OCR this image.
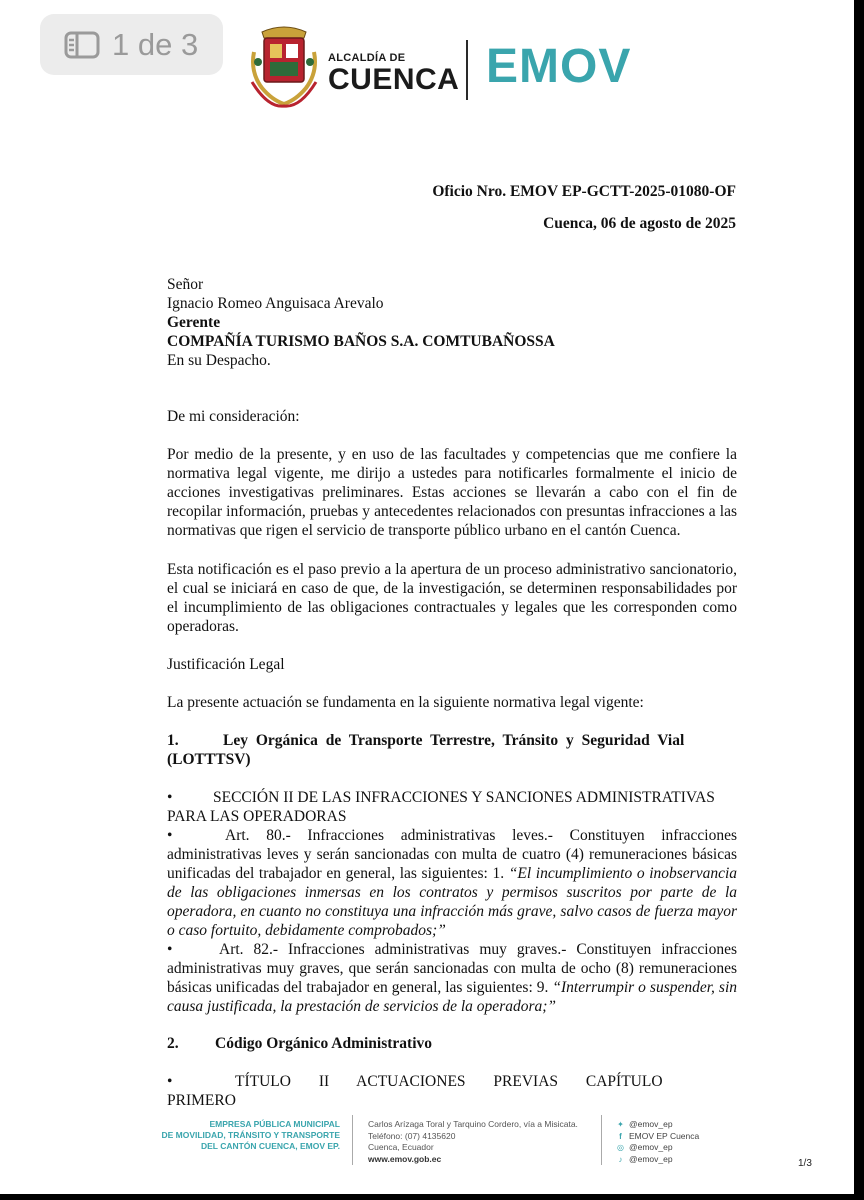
1 de 3	ALCALDÍA DE
CUENCA EMOV
Oficio Nro. EMOV EP-GCTT-2025-01080-OF
Cuenca, 06 de agosto de 2025

Señor

Ignacio Romeo Anguisaca Arevalo

Gerente

COMPAÑÍA TURISMO BAÑOS S.A. COMTUBAÑOSSA

En su Despacho.

De mi consideración:
Por medio de la presente, y en uso de las facultades y competencias que me confiere la normativa legal vigente, me dirijo a ustedes para notificarles formalmente el inicio de acciones investigativas preliminares. Estas acciones se llevarán a cabo con el fin de recopilar información, pruebas y antecedentes relacionados con presuntas infracciones a las normativas que rigen el servicio de transporte público urbano en el cantón Cuenca.
Esta notificación es el paso previo a la apertura de un proceso administrativo sancionatorio, el cual se iniciará en caso de que, de la investigación, se determinen responsabilidades por el incumplimiento de las obligaciones contractuales y legales que les corresponden como operadoras.
Justificación Legal
La presente actuación se fundamenta en la siguiente normativa legal vigente:
1.	Ley Orgánica de Transporte Terrestre, Tránsito y Seguridad Vial (LOTTTSV)
•	SECCIÓN II DE LAS INFRACCIONES Y SANCIONES ADMINISTRATIVAS PARA LAS OPERADORAS
•	Art. 80.- Infracciones administrativas leves.- Constituyen infracciones administrativas leves y serán sancionadas con multa de cuatro (4) remuneraciones básicas unificadas del trabajador en general, las siguientes: 1. “El incumplimiento o inobservancia de las obligaciones inmersas en los contratos y permisos suscritos por parte de la operadora, en cuanto no constituya una infracción más grave, salvo casos de fuerza mayor o caso fortuito, debidamente comprobados;”
•	Art. 82.- Infracciones administrativas muy graves.- Constituyen infracciones administrativas muy graves, que serán sancionadas con multa de ocho (8) remuneraciones básicas unificadas del trabajador en general, las siguientes: 9. “Interrumpir o suspender, sin causa justificada, la prestación de servicios de la operadora;”
2. Código Orgánico Administrativo
•	TÍTULO II ACTUACIONES PREVIAS CAPÍTULO PRIMERO
EMPRESA PÚBLICA MUNICIPAL
DE MOVILIDAD, TRÁNSITO Y TRANSPORTE
DEL CANTÓN CUENCA, EMOV EP.
Carlos Arízaga Toral y Tarquino Cordero, vía a Misicata.
Teléfono: (07) 4135620
Cuenca, Ecuador
www.emov.gob.ec
✦ @emov_ep
f EMOV EP Cuenca
◎ @emov_ep
♪ @emov_ep	1/3
